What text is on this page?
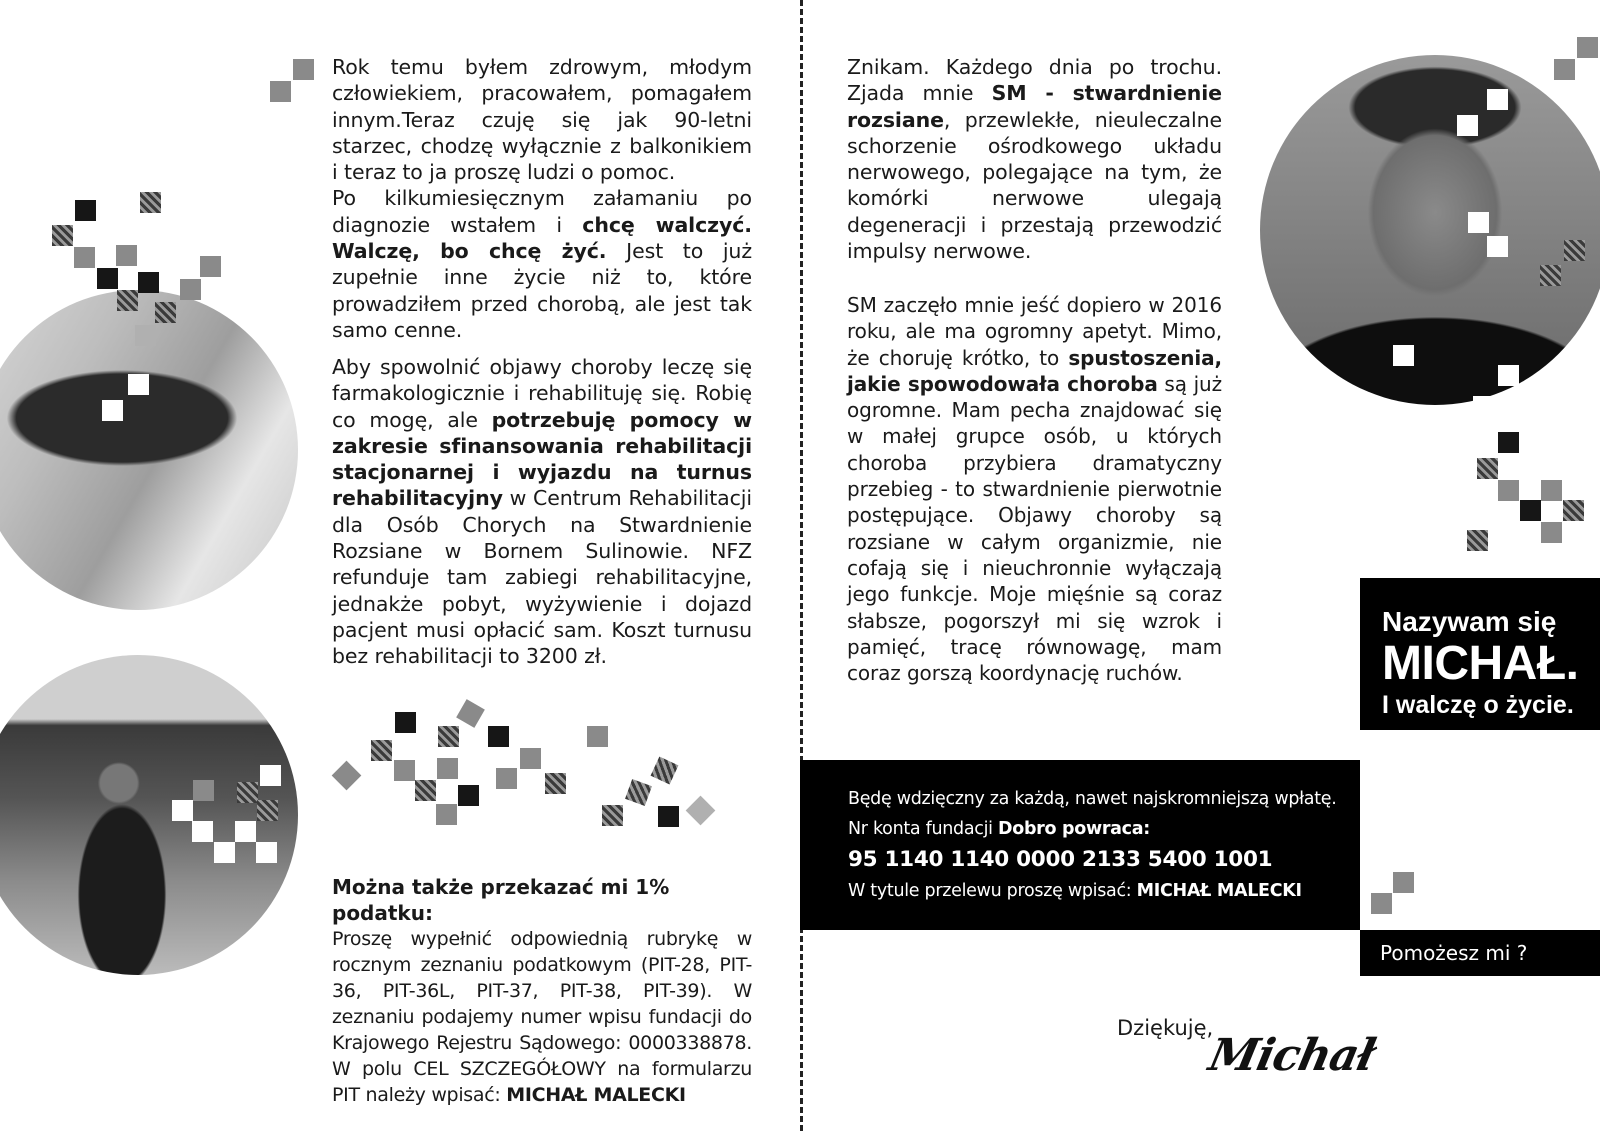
Rok temu byłem zdrowym, młodym człowiekiem, pracowałem, pomagałem innym.Teraz czuję się jak 90-letni starzec, chodzę wyłącznie z balkonikiem i teraz to ja proszę ludzi o pomoc.
Po kilkumiesięcznym załamaniu po diagnozie wstałem i chcę walczyć. Walczę, bo chcę żyć. Jest to już zupełnie inne życie niż to, które prowadziłem przed chorobą, ale jest tak samo cenne.

Aby spowolnić objawy choroby leczę się farmakologicznie i rehabilituję się. Robię co mogę, ale potrzebuję pomocy w zakresie sfinansowania rehabilitacji stacjonarnej i wyjazdu na turnus rehabilitacyjny w Centrum Rehabilitacji dla Osób Chorych na Stwardnienie Rozsiane w Bornem Sulinowie. NFZ refunduje tam zabiegi rehabilitacyjne, jednakże pobyt, wyżywienie i dojazd pacjent musi opłacić sam. Koszt turnusu bez rehabilitacji to 3200 zł.

Można także przekazać mi 1% podatku:

Proszę wypełnić odpowiednią rubrykę w rocznym zeznaniu podatkowym (PIT-28, PIT-36, PIT-36L, PIT-37, PIT-38, PIT-39). W zeznaniu podajemy numer wpisu fundacji do Krajowego Rejestru Sądowego: 0000338878. W polu CEL SZCZEGÓŁOWY na formularzu PIT należy wpisać: MICHAŁ MALECKI

Znikam. Każdego dnia po trochu. Zjada mnie SM - stwardnienie rozsiane, przewlekłe, nieuleczalne schorzenie ośrodkowego układu nerwowego, polegające na tym, że komórki nerwowe ulegają degeneracji i przestają przewodzić impulsy nerwowe.

SM zaczęło mnie jeść dopiero w 2016 roku, ale ma ogromny apetyt. Mimo, że choruję krótko, to spustoszenia, jakie spowodowała choroba są już ogromne. Mam pecha znajdować się w małej grupce osób, u których choroba przybiera dramatyczny przebieg - to stwardnienie pierwotnie postępujące. Objawy choroby są rozsiane w całym organizmie, nie cofają się i nieuchronnie wyłączają jego funkcje. Moje mięśnie są coraz słabsze, pogorszył mi się wzrok i pamięć, tracę równowagę, mam coraz gorszą koordynację ruchów.

Nazywam się
MICHAŁ.
I walczę o życie.
Będę wdzięczny za każdą, nawet najskromniejszą wpłatę.
Nr konta fundacji Dobro powraca:
95 1140 1140 0000 2133 5400 1001
W tytule przelewu proszę wpisać: MICHAŁ MALECKI
Pomożesz mi ?
Dziękuję,
Michał
